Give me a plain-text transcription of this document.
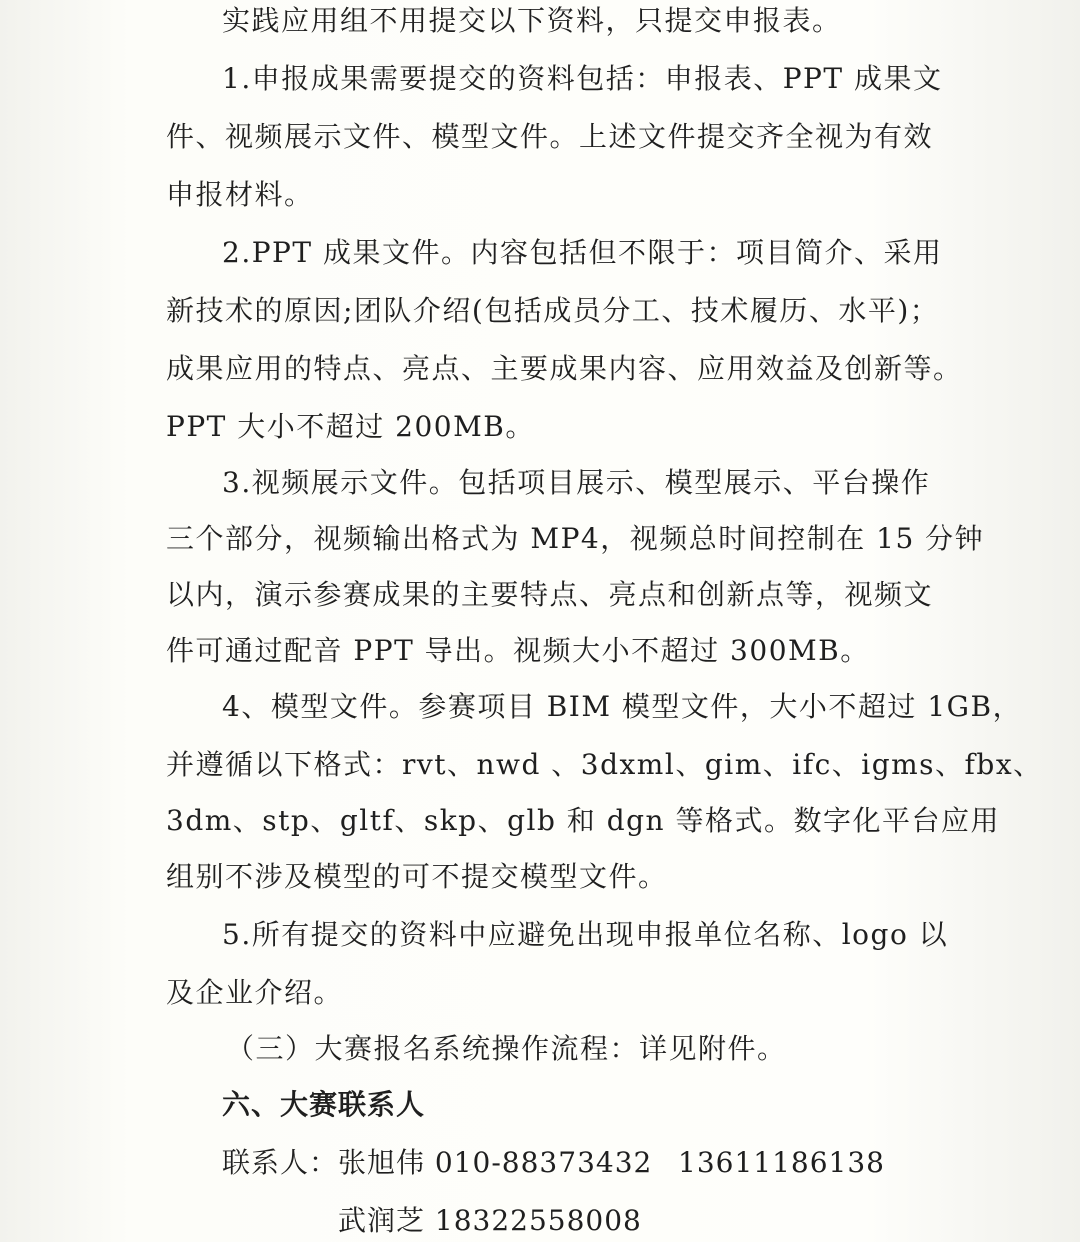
实践应用组不用提交以下资料，只提交申报表。
1.申报成果需要提交的资料包括：申报表、PPT 成果文
件、视频展示文件、模型文件。上述文件提交齐全视为有效
申报材料。
2.PPT 成果文件。内容包括但不限于：项目简介、采用
新技术的原因;团队介绍(包括成员分工、技术履历、水平)；
成果应用的特点、亮点、主要成果内容、应用效益及创新等。
PPT 大小不超过 200MB。
3.视频展示文件。包括项目展示、模型展示、平台操作
三个部分，视频输出格式为 MP4，视频总时间控制在 15 分钟
以内，演示参赛成果的主要特点、亮点和创新点等，视频文
件可通过配音 PPT 导出。视频大小不超过 300MB。
4、模型文件。参赛项目 BIM 模型文件，大小不超过 1GB，
并遵循以下格式：rvt、nwd 、3dxml、gim、ifc、igms、fbx、
3dm、stp、gltf、skp、glb 和 dgn 等格式。数字化平台应用
组别不涉及模型的可不提交模型文件。
5.所有提交的资料中应避免出现申报单位名称、logo 以
及企业介绍。
（三）大赛报名系统操作流程：详见附件。
六、大赛联系人
联系人：张旭伟 010-88373432 13611186138
武润芝 18322558008
